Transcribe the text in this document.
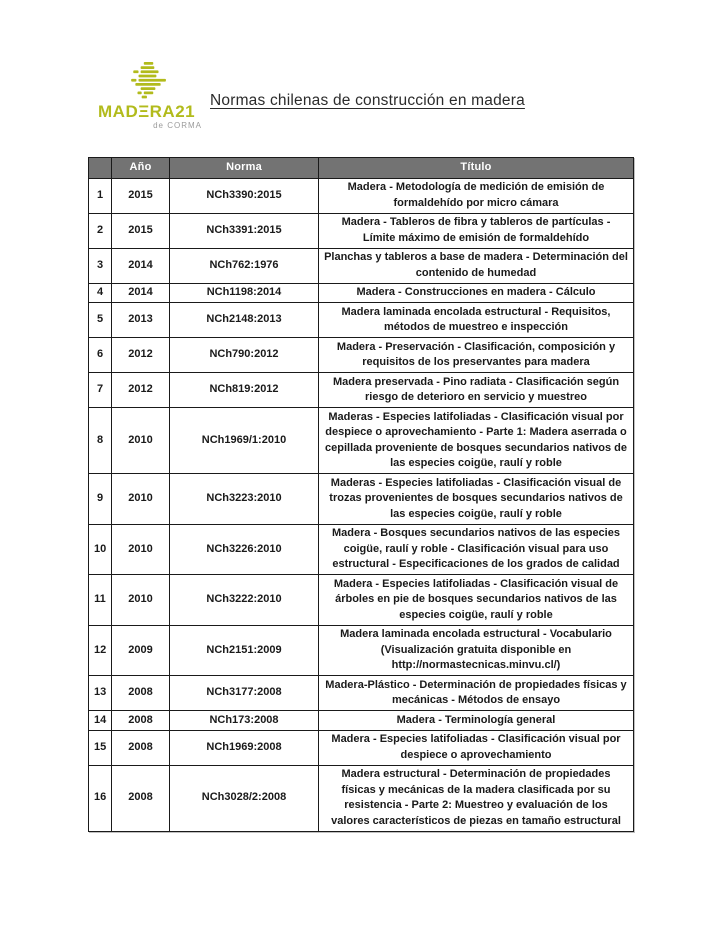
MADΞRA21
de CORMA
Normas chilenas de construcción en madera
	Año	Norma	Título
1	2015	NCh3390:2015	Madera - Metodología de medición de emisión de formaldehído por micro cámara
2	2015	NCh3391:2015	Madera - Tableros de fibra y tableros de partículas - Límite máximo de emisión de formaldehído
3	2014	NCh762:1976	Planchas y tableros a base de madera - Determinación del contenido de humedad
4	2014	NCh1198:2014	Madera - Construcciones en madera - Cálculo
5	2013	NCh2148:2013	Madera laminada encolada estructural - Requisitos, métodos de muestreo e inspección
6	2012	NCh790:2012	Madera - Preservación - Clasificación, composición y requisitos de los preservantes para madera
7	2012	NCh819:2012	Madera preservada - Pino radiata - Clasificación según riesgo de deterioro en servicio y muestreo
8	2010	NCh1969/1:2010	Maderas - Especies latifoliadas - Clasificación visual por despiece o aprovechamiento - Parte 1: Madera aserrada o cepillada proveniente de bosques secundarios nativos de las especies coigüe, raulí y roble
9	2010	NCh3223:2010	Maderas - Especies latifoliadas - Clasificación visual de trozas provenientes de bosques secundarios nativos de las especies coigüe, raulí y roble
10	2010	NCh3226:2010	Madera - Bosques secundarios nativos de las especies coigüe, raulí y roble - Clasificación visual para uso estructural - Especificaciones de los grados de calidad
11	2010	NCh3222:2010	Madera - Especies latifoliadas - Clasificación visual de árboles en pie de bosques secundarios nativos de las especies coigüe, raulí y roble
12	2009	NCh2151:2009	Madera laminada encolada estructural - Vocabulario (Visualización gratuita disponible en http://normastecnicas.minvu.cl/)
13	2008	NCh3177:2008	Madera-Plástico - Determinación de propiedades físicas y mecánicas - Métodos de ensayo
14	2008	NCh173:2008	Madera - Terminología general
15	2008	NCh1969:2008	Madera - Especies latifoliadas - Clasificación visual por despiece o aprovechamiento
16	2008	NCh3028/2:2008	Madera estructural - Determinación de propiedades físicas y mecánicas de la madera clasificada por su resistencia - Parte 2: Muestreo y evaluación de los valores característicos de piezas en tamaño estructural
